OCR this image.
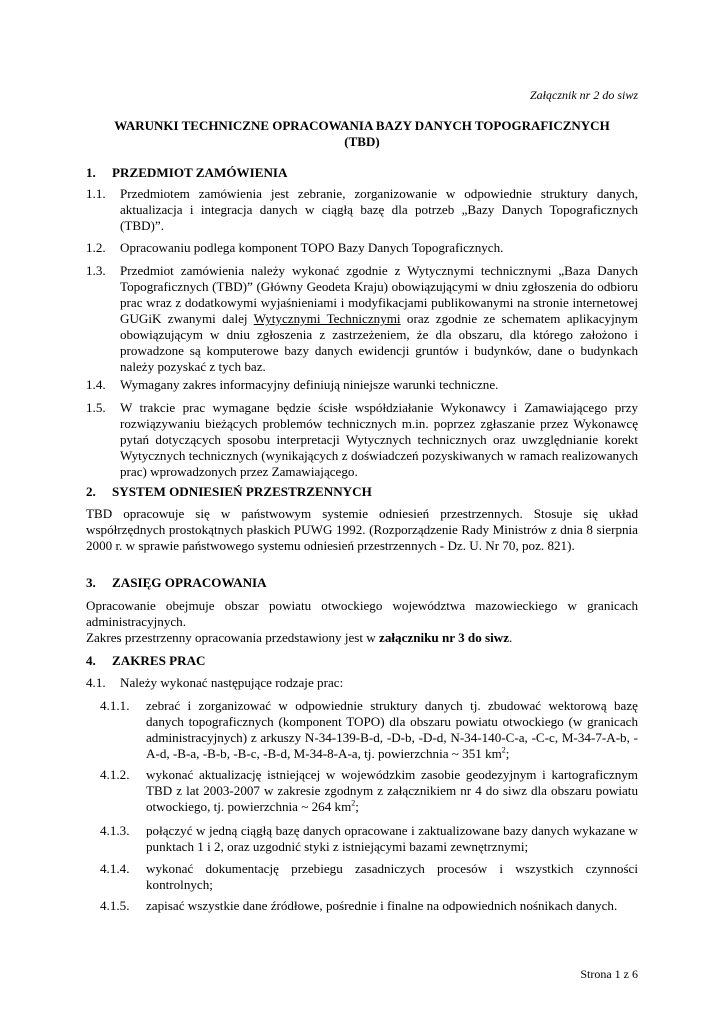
Załącznik nr 2 do siwz
WARUNKI TECHNICZNE OPRACOWANIA BAZY DANYCH TOPOGRAFICZNYCH
(TBD)
1. PRZEDMIOT ZAMÓWIENIA
1.1. Przedmiotem zamówienia jest zebranie, zorganizowanie w odpowiednie struktury danych, aktualizacja i integracja danych w ciągłą bazę dla potrzeb „Bazy Danych Topograficznych (TBD)”.
1.2. Opracowaniu podlega komponent TOPO Bazy Danych Topograficznych.
1.3. Przedmiot zamówienia należy wykonać zgodnie z Wytycznymi technicznymi „Baza Danych Topograficznych (TBD)” (Główny Geodeta Kraju) obowiązującymi w dniu zgłoszenia do odbioru prac wraz z dodatkowymi wyjaśnieniami i modyfikacjami publikowanymi na stronie internetowej GUGiK zwanymi dalej Wytycznymi Technicznymi oraz zgodnie ze schematem aplikacyjnym obowiązującym w dniu zgłoszenia z zastrzeżeniem, że dla obszaru, dla którego założono i prowadzone są komputerowe bazy danych ewidencji gruntów i budynków, dane o budynkach należy pozyskać z tych baz.
1.4. Wymagany zakres informacyjny definiują niniejsze warunki techniczne.
1.5. W trakcie prac wymagane będzie ścisłe współdziałanie Wykonawcy i Zamawiającego przy rozwiązywaniu bieżących problemów technicznych m.in. poprzez zgłaszanie przez Wykonawcę pytań dotyczących sposobu interpretacji Wytycznych technicznych oraz uwzględnianie korekt Wytycznych technicznych (wynikających z doświadczeń pozyskiwanych w ramach realizowanych prac) wprowadzonych przez Zamawiającego.
2. SYSTEM ODNIESIEŃ PRZESTRZENNYCH
TBD opracowuje się w państwowym systemie odniesień przestrzennych. Stosuje się układ współrzędnych prostokątnych płaskich PUWG 1992. (Rozporządzenie Rady Ministrów z dnia 8 sierpnia 2000 r. w sprawie państwowego systemu odniesień przestrzennych - Dz. U. Nr 70, poz. 821).
3. ZASIĘG OPRACOWANIA
Opracowanie obejmuje obszar powiatu otwockiego województwa mazowieckiego w granicach administracyjnych.
Zakres przestrzenny opracowania przedstawiony jest w załączniku nr 3 do siwz.
4. ZAKRES PRAC
4.1. Należy wykonać następujące rodzaje prac:
4.1.1. zebrać i zorganizować w odpowiednie struktury danych tj. zbudować wektorową bazę danych topograficznych (komponent TOPO) dla obszaru powiatu otwockiego (w granicach administracyjnych) z arkuszy N-34-139-B-d, -D-b, -D-d, N-34-140-C-a, -C-c, M-34-7-A-b, -A-d, -B-a, -B-b, -B-c, -B-d, M-34-8-A-a, tj. powierzchnia ~ 351 $km^2$;
4.1.2. wykonać aktualizację istniejącej w wojewódzkim zasobie geodezyjnym i kartograficznym TBD z lat 2003-2007 w zakresie zgodnym z załącznikiem nr 4 do siwz dla obszaru powiatu otwockiego, tj. powierzchnia ~ 264 $km^2$;
4.1.3. połączyć w jedną ciągłą bazę danych opracowane i zaktualizowane bazy danych wykazane w punktach 1 i 2, oraz uzgodnić styki z istniejącymi bazami zewnętrznymi;
4.1.4. wykonać dokumentację przebiegu zasadniczych procesów i wszystkich czynności kontrolnych;
4.1.5. zapisać wszystkie dane źródłowe, pośrednie i finalne na odpowiednich nośnikach danych.
Strona 1 z 6
